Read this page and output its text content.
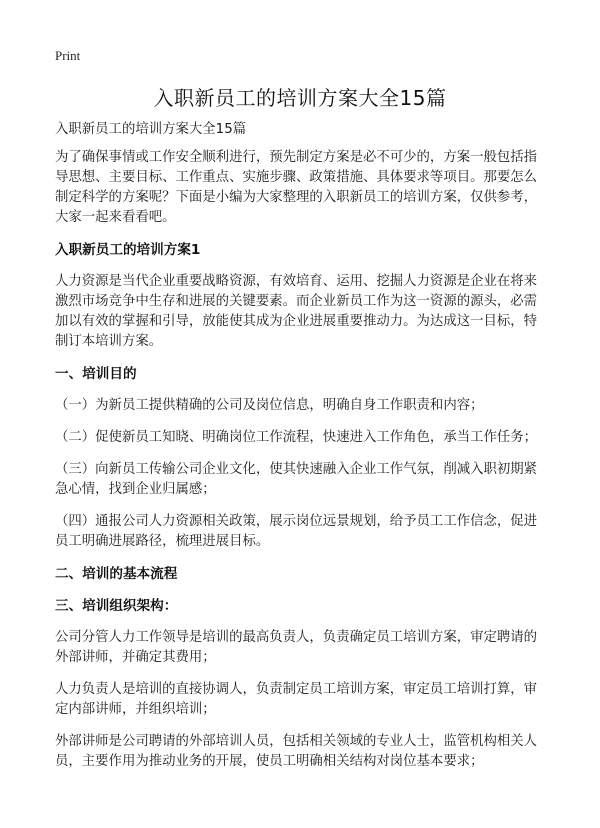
Print
入职新员工的培训方案大全15篇

入职新员工的培训方案大全15篇

为了确保事情或工作安全顺利进行，预先制定方案是必不可少的，方案一般包括指导思想、主要目标、工作重点、实施步骤、政策措施、具体要求等项目。那要怎么制定科学的方案呢？下面是小编为大家整理的入职新员工的培训方案，仅供参考，大家一起来看看吧。

入职新员工的培训方案1

人力资源是当代企业重要战略资源，有效培育、运用、挖掘人力资源是企业在将来激烈市场竞争中生存和进展的关键要素。而企业新员工作为这一资源的源头，必需加以有效的掌握和引导，放能使其成为企业进展重要推动力。为达成这一目标，特制订本培训方案。

一、培训目的

（一）为新员工提供精确的公司及岗位信息，明确自身工作职责和内容；

（二）促使新员工知晓、明确岗位工作流程，快速进入工作角色，承当工作任务；

（三）向新员工传输公司企业文化，使其快速融入企业工作气氛，削减入职初期紧急心情，找到企业归属感；

（四）通报公司人力资源相关政策，展示岗位远景规划，给予员工工作信念，促进员工明确进展路径，梳理进展目标。

二、培训的基本流程

三、培训组织架构：

公司分管人力工作领导是培训的最高负责人，负责确定员工培训方案，审定聘请的外部讲师，并确定其费用；

人力负责人是培训的直接协调人，负责制定员工培训方案，审定员工培训打算，审定内部讲师，并组织培训；

外部讲师是公司聘请的外部培训人员，包括相关领域的专业人士，监管机构相关人员，主要作用为推动业务的开展，使员工明确相关结构对岗位基本要求；
